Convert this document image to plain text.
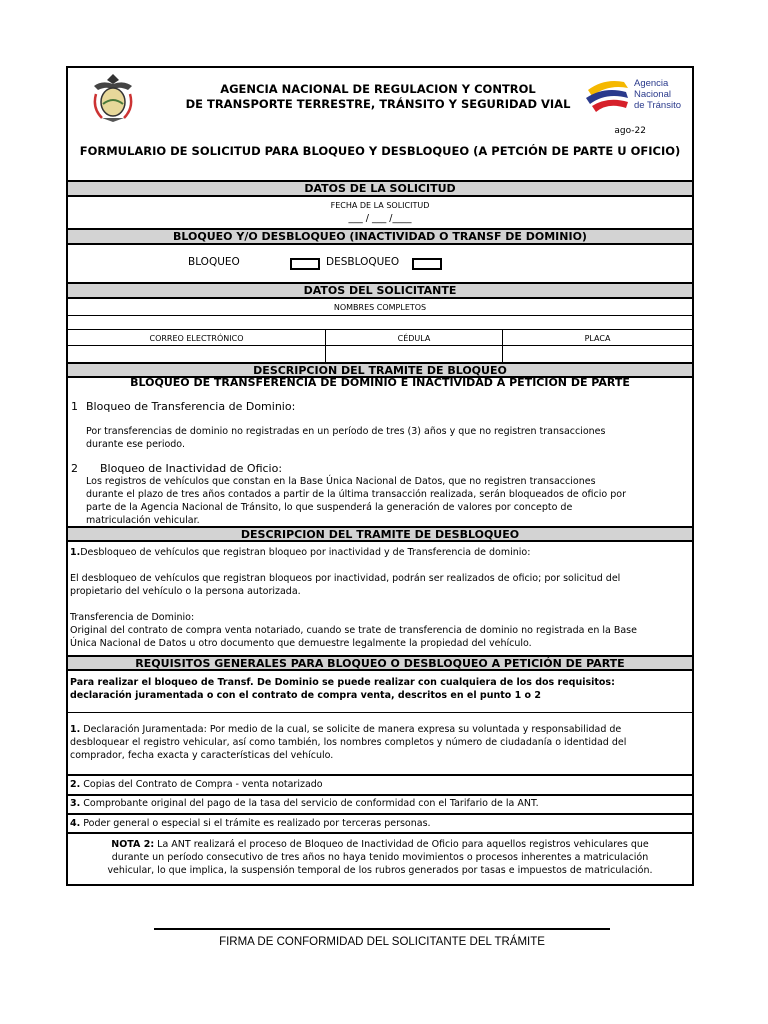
AGENCIA NACIONAL DE REGULACION Y CONTROL
DE TRANSPORTE TERRESTRE, TRÁNSITO Y SEGURIDAD VIAL
Agencia
Nacional
de Tránsito
ago-22
FORMULARIO DE SOLICITUD PARA BLOQUEO Y DESBLOQUEO (A PETCIÓN DE PARTE U OFICIO)
DATOS DE LA SOLICITUD
FECHA DE LA SOLICITUD
___ / ___ /____
BLOQUEO Y/O DESBLOQUEO (INACTIVIDAD O TRANSF DE DOMINIO)
BLOQUEO	DESBLOQUEO
DATOS DEL SOLICITANTE
NOMBRES COMPLETOS
CORREO ELECTRÓNICO	CÉDULA	PLACA
DESCRIPCION DEL TRAMITE DE BLOQUEO
BLOQUEO DE TRANSFERENCIA DE DOMINIO E INACTIVIDAD A PETICION DE PARTE
1 Bloqueo de Transferencia de Dominio:
Por transferencias de dominio no registradas en un período de tres (3) años y que no registren transacciones
durante ese periodo.
2 Bloqueo de Inactividad de Oficio:
Los registros de vehículos que constan en la Base Única Nacional de Datos, que no registren transacciones
durante el plazo de tres años contados a partir de la última transacción realizada, serán bloqueados de oficio por
parte de la Agencia Nacional de Tránsito, lo que suspenderá la generación de valores por concepto de
matriculación vehicular.
DESCRIPCION DEL TRAMITE DE DESBLOQUEO
1.Desbloqueo de vehículos que registran bloqueo por inactividad y de Transferencia de dominio:
El desbloqueo de vehículos que registran bloqueos por inactividad, podrán ser realizados de oficio; por solicitud del
propietario del vehículo o la persona autorizada.
Transferencia de Dominio:
Original del contrato de compra venta notariado, cuando se trate de transferencia de dominio no registrada en la Base
Única Nacional de Datos u otro documento que demuestre legalmente la propiedad del vehículo.
REQUISITOS GENERALES PARA BLOQUEO O DESBLOQUEO A PETICIÓN DE PARTE
Para realizar el bloqueo de Transf. De Dominio se puede realizar con cualquiera de los dos requisitos:
declaración juramentada o con el contrato de compra venta, descritos en el punto 1 o 2
1. Declaración Juramentada: Por medio de la cual, se solicite de manera expresa su voluntada y responsabilidad de
desbloquear el registro vehicular, así como también, los nombres completos y número de ciudadanía o identidad del
comprador, fecha exacta y características del vehículo.
2. Copias del Contrato de Compra - venta notarizado
3. Comprobante original del pago de la tasa del servicio de conformidad con el Tarifario de la ANT.
4. Poder general o especial si el trámite es realizado por terceras personas.
NOTA 2: La ANT realizará el proceso de Bloqueo de Inactividad de Oficio para aquellos registros vehiculares que
durante un período consecutivo de tres años no haya tenido movimientos o procesos inherentes a matriculación
vehicular, lo que implica, la suspensión temporal de los rubros generados por tasas e impuestos de matriculación.
FIRMA DE CONFORMIDAD DEL SOLICITANTE DEL TRÁMITE
